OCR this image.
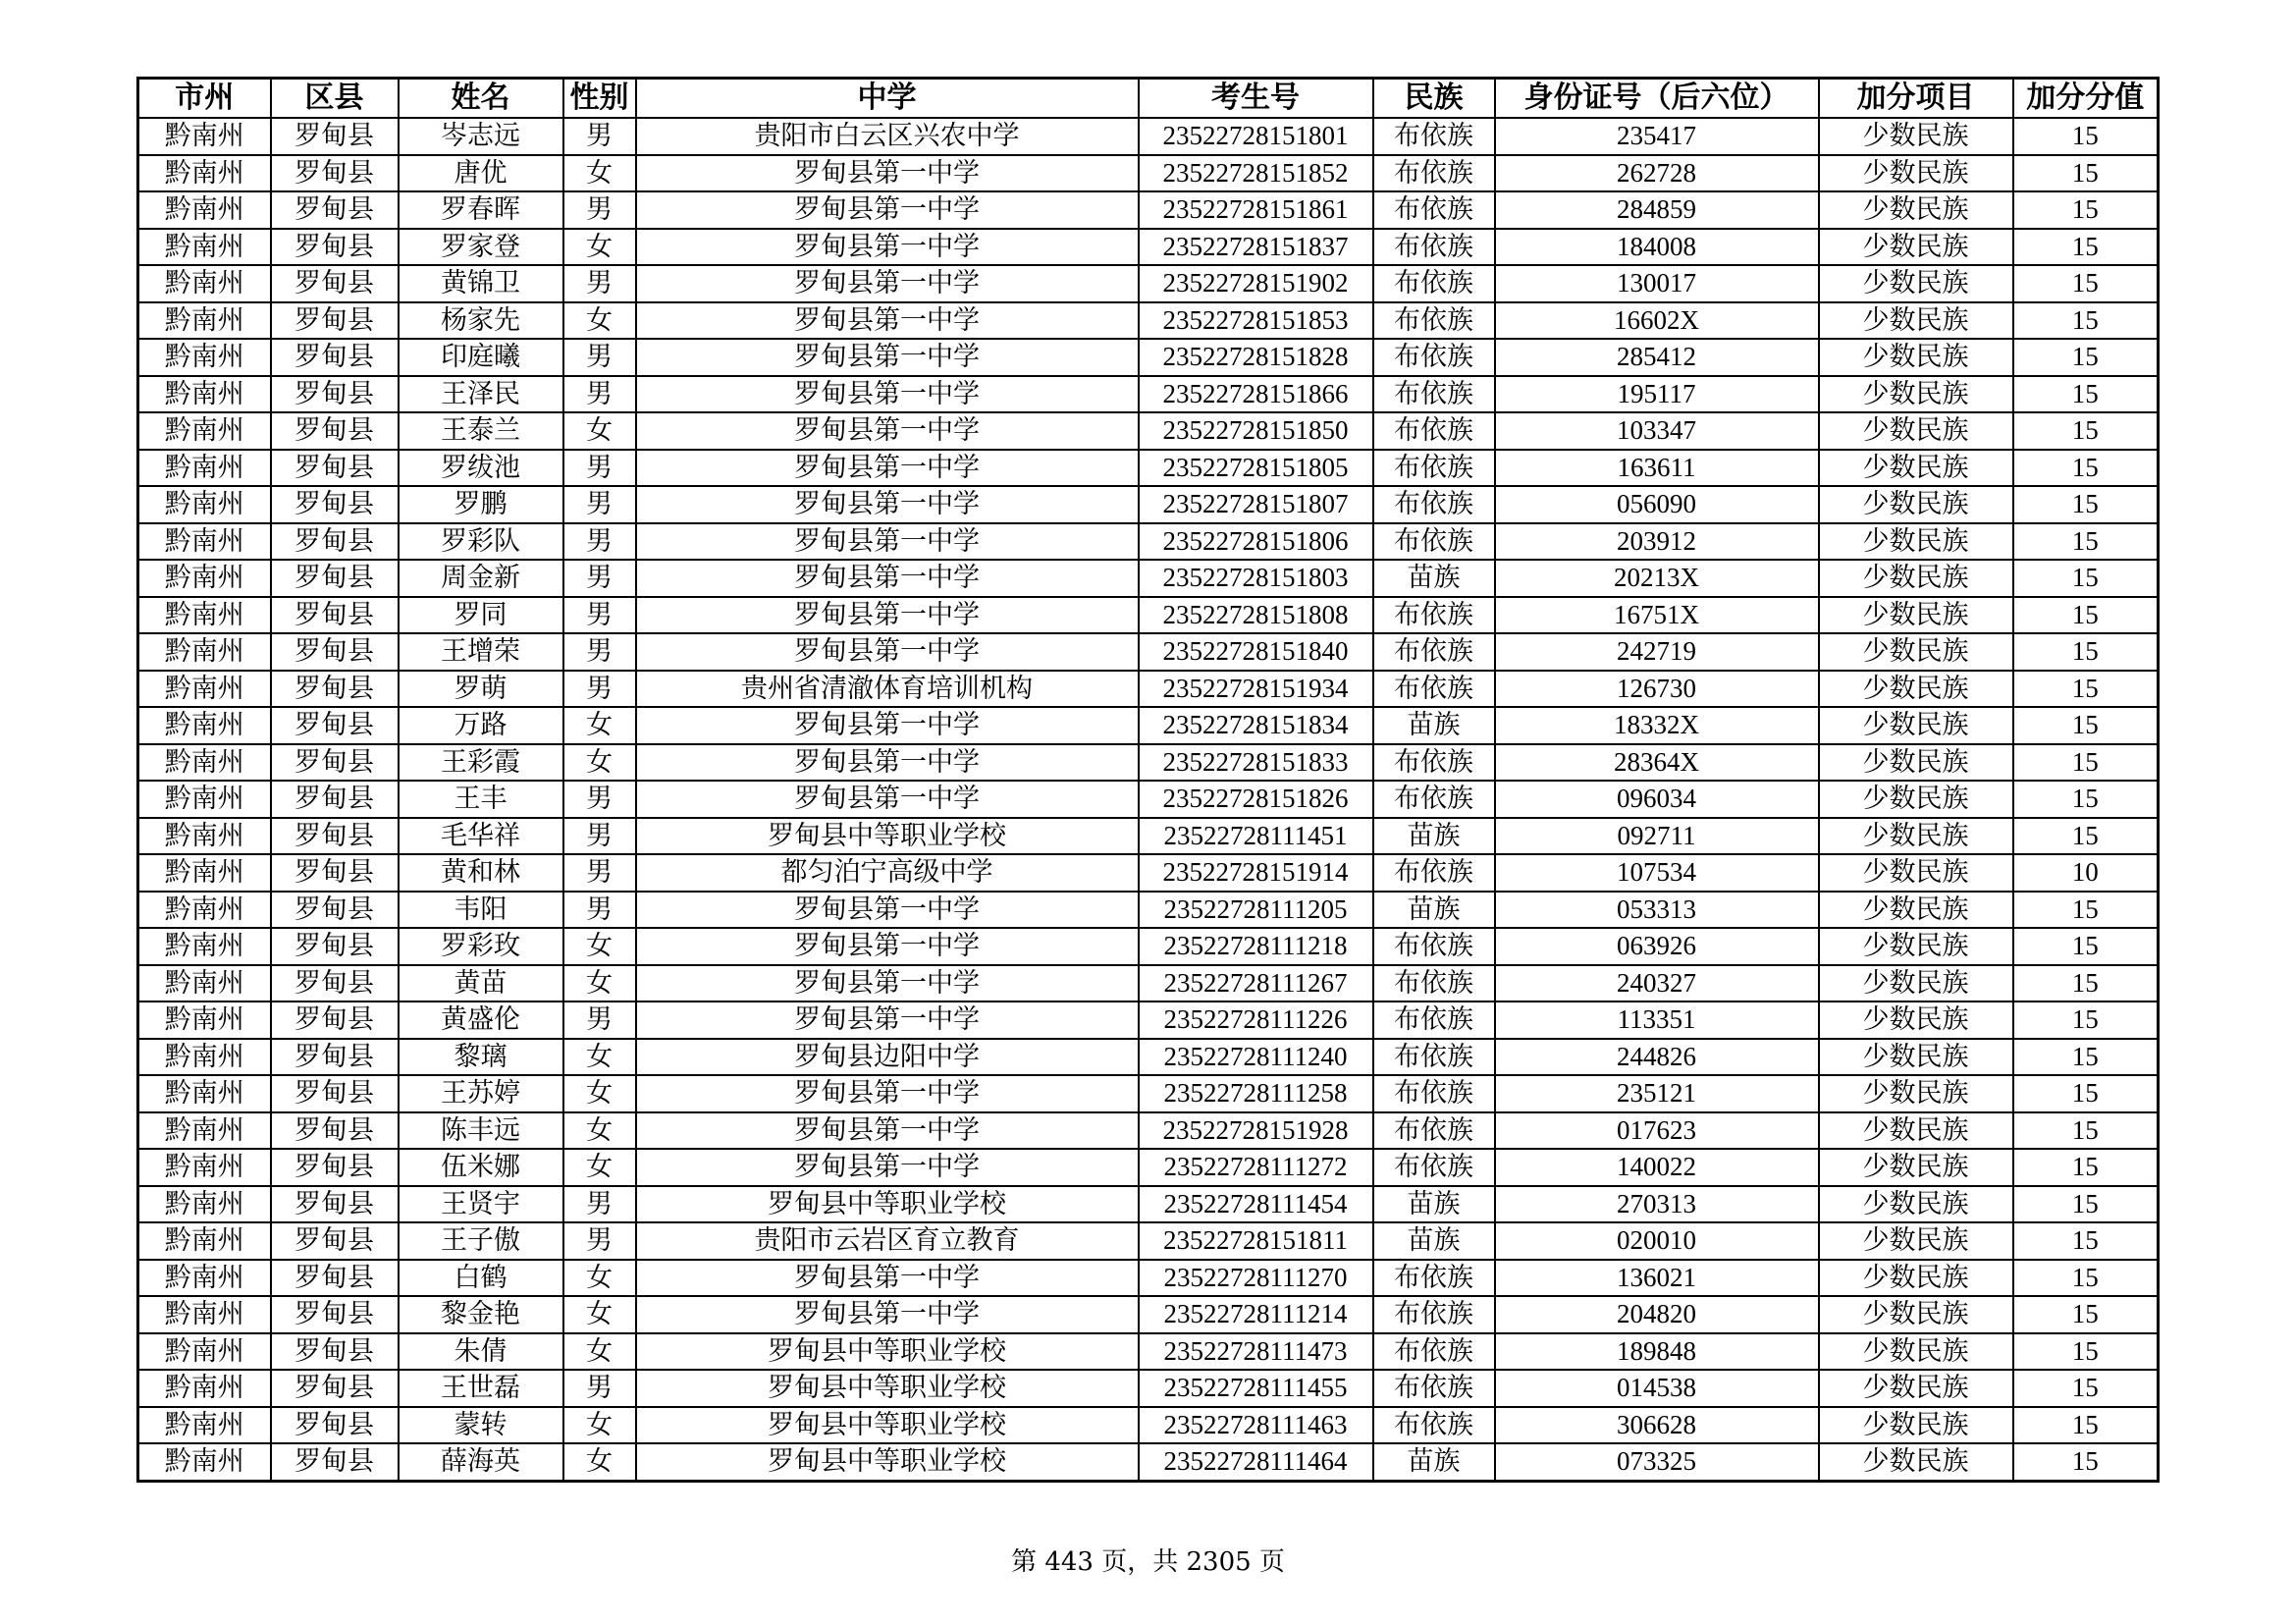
市州	区县	姓名	性别	中学	考生号	民族	身份证号（后六位）	加分项目	加分分值
黔南州	罗甸县	岑志远	男	贵阳市白云区兴农中学	23522728151801	布依族	235417	少数民族	15
黔南州	罗甸县	唐优	女	罗甸县第一中学	23522728151852	布依族	262728	少数民族	15
黔南州	罗甸县	罗春晖	男	罗甸县第一中学	23522728151861	布依族	284859	少数民族	15
黔南州	罗甸县	罗家登	女	罗甸县第一中学	23522728151837	布依族	184008	少数民族	15
黔南州	罗甸县	黄锦卫	男	罗甸县第一中学	23522728151902	布依族	130017	少数民族	15
黔南州	罗甸县	杨家先	女	罗甸县第一中学	23522728151853	布依族	16602X	少数民族	15
黔南州	罗甸县	印庭曦	男	罗甸县第一中学	23522728151828	布依族	285412	少数民族	15
黔南州	罗甸县	王泽民	男	罗甸县第一中学	23522728151866	布依族	195117	少数民族	15
黔南州	罗甸县	王泰兰	女	罗甸县第一中学	23522728151850	布依族	103347	少数民族	15
黔南州	罗甸县	罗绂池	男	罗甸县第一中学	23522728151805	布依族	163611	少数民族	15
黔南州	罗甸县	罗鹏	男	罗甸县第一中学	23522728151807	布依族	056090	少数民族	15
黔南州	罗甸县	罗彩队	男	罗甸县第一中学	23522728151806	布依族	203912	少数民族	15
黔南州	罗甸县	周金新	男	罗甸县第一中学	23522728151803	苗族	20213X	少数民族	15
黔南州	罗甸县	罗同	男	罗甸县第一中学	23522728151808	布依族	16751X	少数民族	15
黔南州	罗甸县	王增荣	男	罗甸县第一中学	23522728151840	布依族	242719	少数民族	15
黔南州	罗甸县	罗萌	男	贵州省清澈体育培训机构	23522728151934	布依族	126730	少数民族	15
黔南州	罗甸县	万路	女	罗甸县第一中学	23522728151834	苗族	18332X	少数民族	15
黔南州	罗甸县	王彩霞	女	罗甸县第一中学	23522728151833	布依族	28364X	少数民族	15
黔南州	罗甸县	王丰	男	罗甸县第一中学	23522728151826	布依族	096034	少数民族	15
黔南州	罗甸县	毛华祥	男	罗甸县中等职业学校	23522728111451	苗族	092711	少数民族	15
黔南州	罗甸县	黄和林	男	都匀泊宁高级中学	23522728151914	布依族	107534	少数民族	10
黔南州	罗甸县	韦阳	男	罗甸县第一中学	23522728111205	苗族	053313	少数民族	15
黔南州	罗甸县	罗彩玫	女	罗甸县第一中学	23522728111218	布依族	063926	少数民族	15
黔南州	罗甸县	黄苗	女	罗甸县第一中学	23522728111267	布依族	240327	少数民族	15
黔南州	罗甸县	黄盛伦	男	罗甸县第一中学	23522728111226	布依族	113351	少数民族	15
黔南州	罗甸县	黎璃	女	罗甸县边阳中学	23522728111240	布依族	244826	少数民族	15
黔南州	罗甸县	王苏婷	女	罗甸县第一中学	23522728111258	布依族	235121	少数民族	15
黔南州	罗甸县	陈丰远	女	罗甸县第一中学	23522728151928	布依族	017623	少数民族	15
黔南州	罗甸县	伍米娜	女	罗甸县第一中学	23522728111272	布依族	140022	少数民族	15
黔南州	罗甸县	王贤宇	男	罗甸县中等职业学校	23522728111454	苗族	270313	少数民族	15
黔南州	罗甸县	王子傲	男	贵阳市云岩区育立教育	23522728151811	苗族	020010	少数民族	15
黔南州	罗甸县	白鹤	女	罗甸县第一中学	23522728111270	布依族	136021	少数民族	15
黔南州	罗甸县	黎金艳	女	罗甸县第一中学	23522728111214	布依族	204820	少数民族	15
黔南州	罗甸县	朱倩	女	罗甸县中等职业学校	23522728111473	布依族	189848	少数民族	15
黔南州	罗甸县	王世磊	男	罗甸县中等职业学校	23522728111455	布依族	014538	少数民族	15
黔南州	罗甸县	蒙转	女	罗甸县中等职业学校	23522728111463	布依族	306628	少数民族	15
黔南州	罗甸县	薛海英	女	罗甸县中等职业学校	23522728111464	苗族	073325	少数民族	15
第 443 页，共 2305 页
